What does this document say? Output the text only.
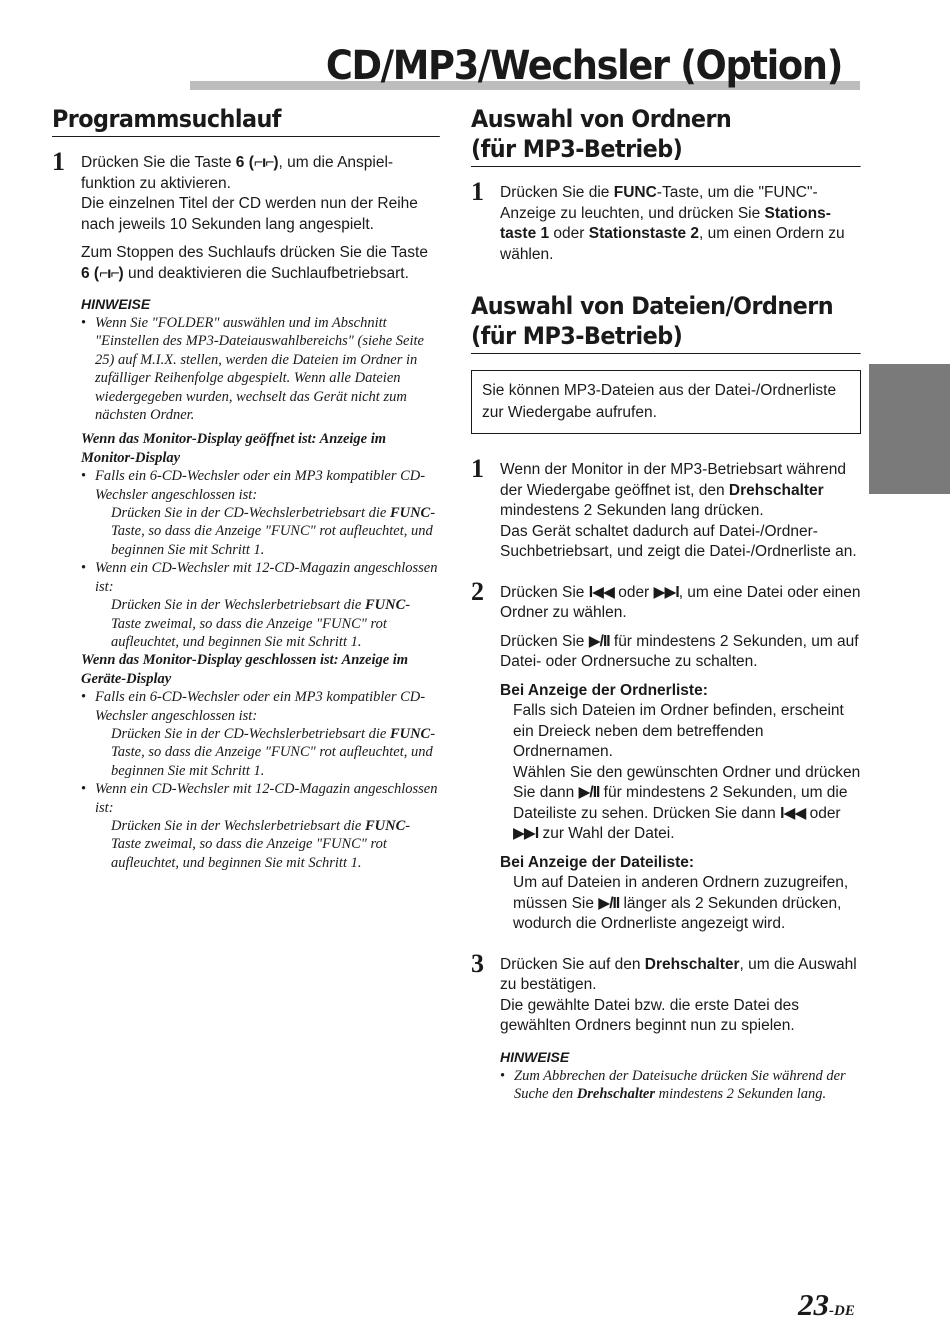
CD/MP3/Wechsler (Option)
Programmsuchlauf
1 Drücken Sie die Taste 6 (⌐ı⌐), um die Anspielfunktion zu aktivieren.
Die einzelnen Titel der CD werden nun der Reihe nach jeweils 10 Sekunden lang angespielt.

Zum Stoppen des Suchlaufs drücken Sie die Taste 6 (⌐ı⌐) und deaktivieren die Suchlaufbetriebsart.

HINWEISE
• Wenn Sie "FOLDER" auswählen und im Abschnitt "Einstellen des MP3-Dateiauswahlbereichs" (siehe Seite 25) auf M.I.X. stellen, werden die Dateien im Ordner in zufälliger Reihenfolge abgespielt. Wenn alle Dateien wiedergegeben wurden, wechselt das Gerät nicht zum nächsten Ordner.

Wenn das Monitor-Display geöffnet ist: Anzeige im Monitor-Display

• Falls ein 6-CD-Wechsler oder ein MP3 kompatibler CD-Wechsler angeschlossen ist:
Drücken Sie in der CD-Wechslerbetriebsart die FUNC-Taste, so dass die Anzeige "FUNC" rot aufleuchtet, und beginnen Sie mit Schritt 1.
• Wenn ein CD-Wechsler mit 12-CD-Magazin angeschlossen ist:
Drücken Sie in der Wechslerbetriebsart die FUNC-Taste zweimal, so dass die Anzeige "FUNC" rot aufleuchtet, und beginnen Sie mit Schritt 1.

Wenn das Monitor-Display geschlossen ist: Anzeige im Geräte-Display

• Falls ein 6-CD-Wechsler oder ein MP3 kompatibler CD-Wechsler angeschlossen ist:
Drücken Sie in der CD-Wechslerbetriebsart die FUNC-Taste, so dass die Anzeige "FUNC" rot aufleuchtet, und beginnen Sie mit Schritt 1.
• Wenn ein CD-Wechsler mit 12-CD-Magazin angeschlossen ist:
Drücken Sie in der Wechslerbetriebsart die FUNC-Taste zweimal, so dass die Anzeige "FUNC" rot aufleuchtet, und beginnen Sie mit Schritt 1.
Auswahl von Ordnern
(für MP3-Betrieb)
1 Drücken Sie die FUNC-Taste, um die "FUNC"-Anzeige zu leuchten, und drücken Sie Stationstaste 1 oder Stationstaste 2, um einen Ordern zu wählen.

Auswahl von Dateien/Ordnern
(für MP3-Betrieb)
Sie können MP3-Dateien aus der Datei-/Ordnerliste zur Wiedergabe aufrufen.
1 Wenn der Monitor in der MP3-Betriebsart während der Wiedergabe geöffnet ist, den Drehschalter mindestens 2 Sekunden lang drücken.
Das Gerät schaltet dadurch auf Datei-/Ordner-Suchbetriebsart, und zeigt die Datei-/Ordnerliste an.

2 Drücken Sie I◀◀ oder ▶▶I, um eine Datei oder einen Ordner zu wählen.

Drücken Sie ▶/II für mindestens 2 Sekunden, um auf Datei- oder Ordnersuche zu schalten.

Bei Anzeige der Ordnerliste:

Falls sich Dateien im Ordner befinden, erscheint ein Dreieck neben dem betreffenden Ordnernamen.
Wählen Sie den gewünschten Ordner und drücken Sie dann ▶/II für mindestens 2 Sekunden, um die Dateiliste zu sehen. Drücken Sie dann I◀◀ oder ▶▶I zur Wahl der Datei.

Bei Anzeige der Dateiliste:

Um auf Dateien in anderen Ordnern zuzugreifen, müssen Sie ▶/II länger als 2 Sekunden drücken, wodurch die Ordnerliste angezeigt wird.

3 Drücken Sie auf den Drehschalter, um die Auswahl zu bestätigen.
Die gewählte Datei bzw. die erste Datei des gewählten Ordners beginnt nun zu spielen.

HINWEISE
• Zum Abbrechen der Dateisuche drücken Sie während der Suche den Drehschalter mindestens 2 Sekunden lang.
23-DE
